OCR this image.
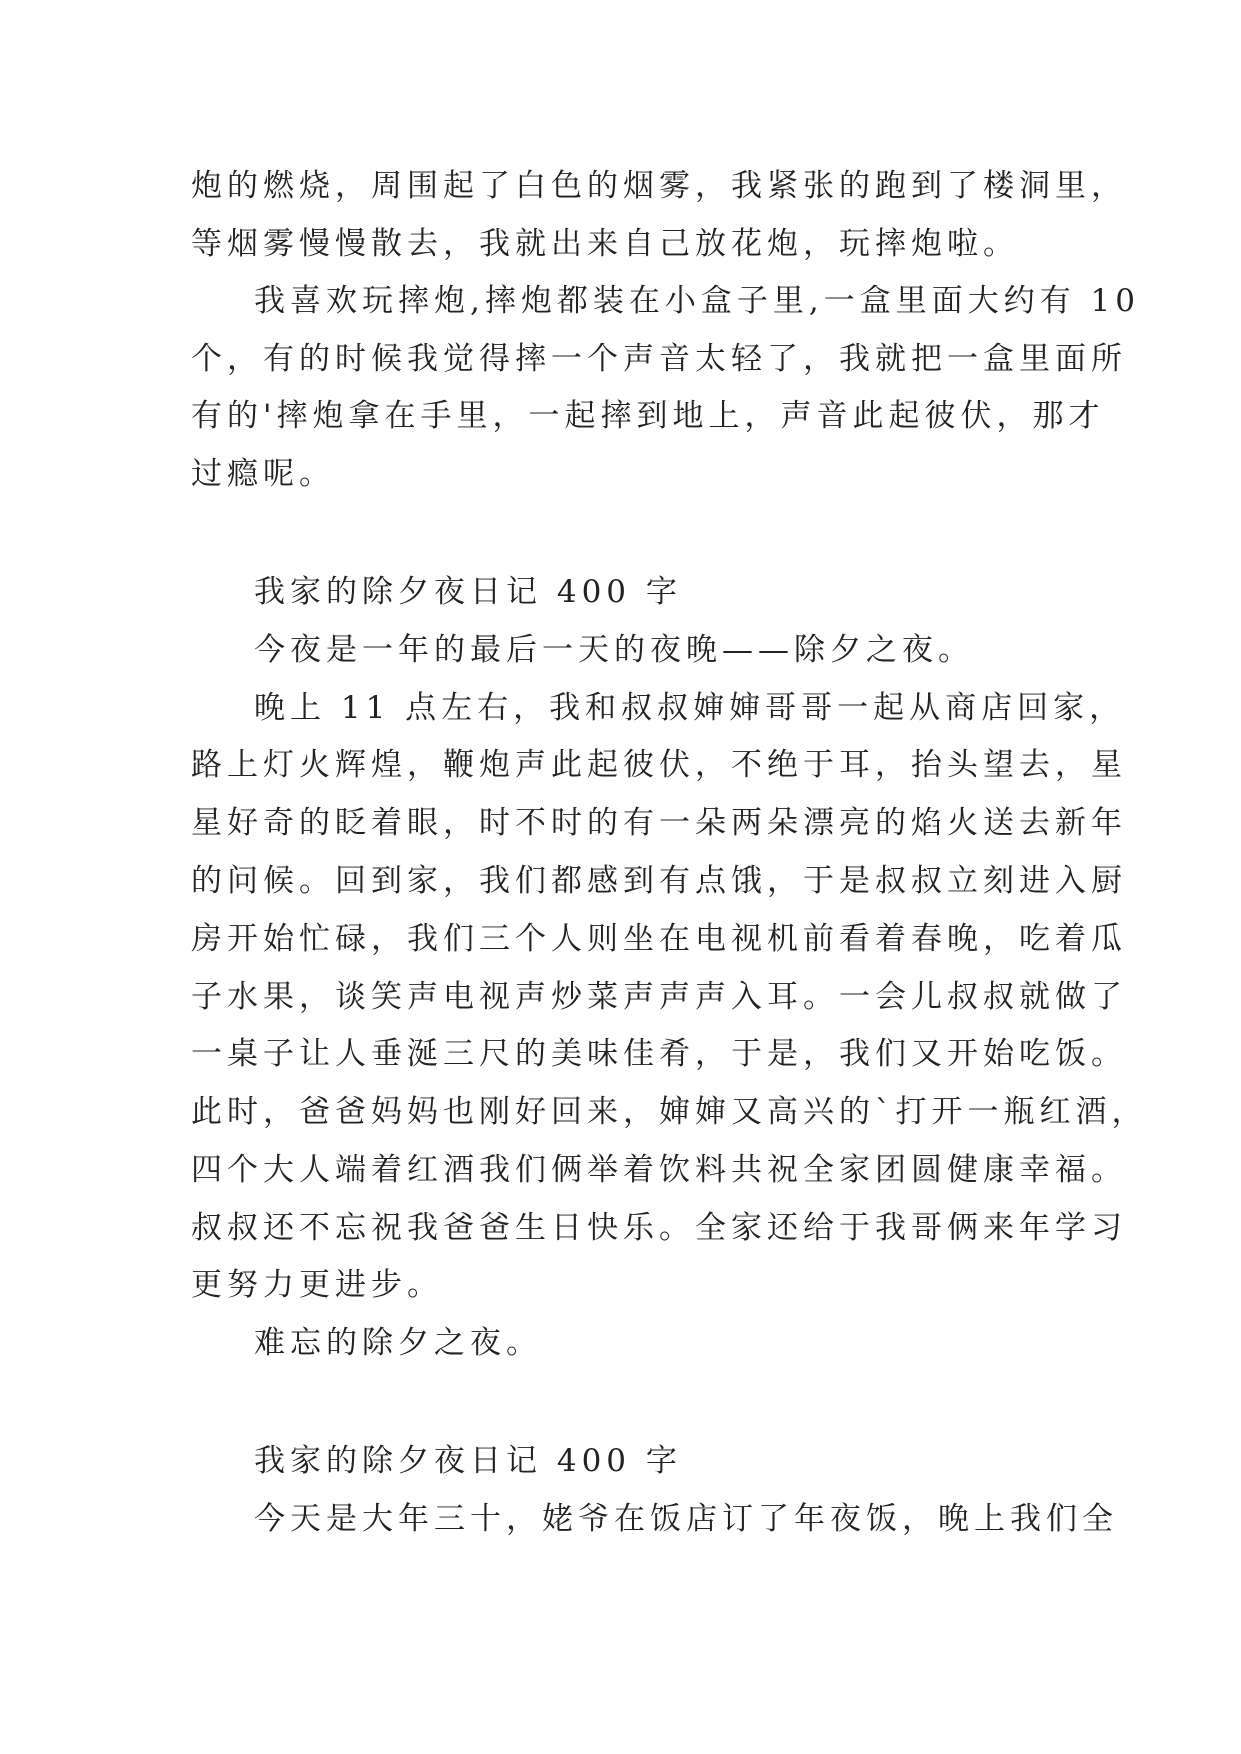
炮的燃烧，周围起了白色的烟雾，我紧张的跑到了楼洞里，

等烟雾慢慢散去，我就出来自己放花炮，玩摔炮啦。

我喜欢玩摔炮,摔炮都装在小盒子里,一盒里面大约有 10

个，有的时候我觉得摔一个声音太轻了，我就把一盒里面所

有的'摔炮拿在手里，一起摔到地上，声音此起彼伏，那才

过瘾呢。

我家的除夕夜日记 400 字

今夜是一年的最后一天的夜晚——除夕之夜。

晚上 11 点左右，我和叔叔婶婶哥哥一起从商店回家，

路上灯火辉煌，鞭炮声此起彼伏，不绝于耳，抬头望去，星

星好奇的眨着眼，时不时的有一朵两朵漂亮的焰火送去新年

的问候。回到家，我们都感到有点饿，于是叔叔立刻进入厨

房开始忙碌，我们三个人则坐在电视机前看着春晚，吃着瓜

子水果，谈笑声电视声炒菜声声声入耳。一会儿叔叔就做了

一桌子让人垂涎三尺的美味佳肴，于是，我们又开始吃饭。

此时，爸爸妈妈也刚好回来，婶婶又高兴的`打开一瓶红酒，

四个大人端着红酒我们俩举着饮料共祝全家团圆健康幸福。

叔叔还不忘祝我爸爸生日快乐。全家还给于我哥俩来年学习

更努力更进步。

难忘的除夕之夜。

我家的除夕夜日记 400 字

今天是大年三十，姥爷在饭店订了年夜饭，晚上我们全
